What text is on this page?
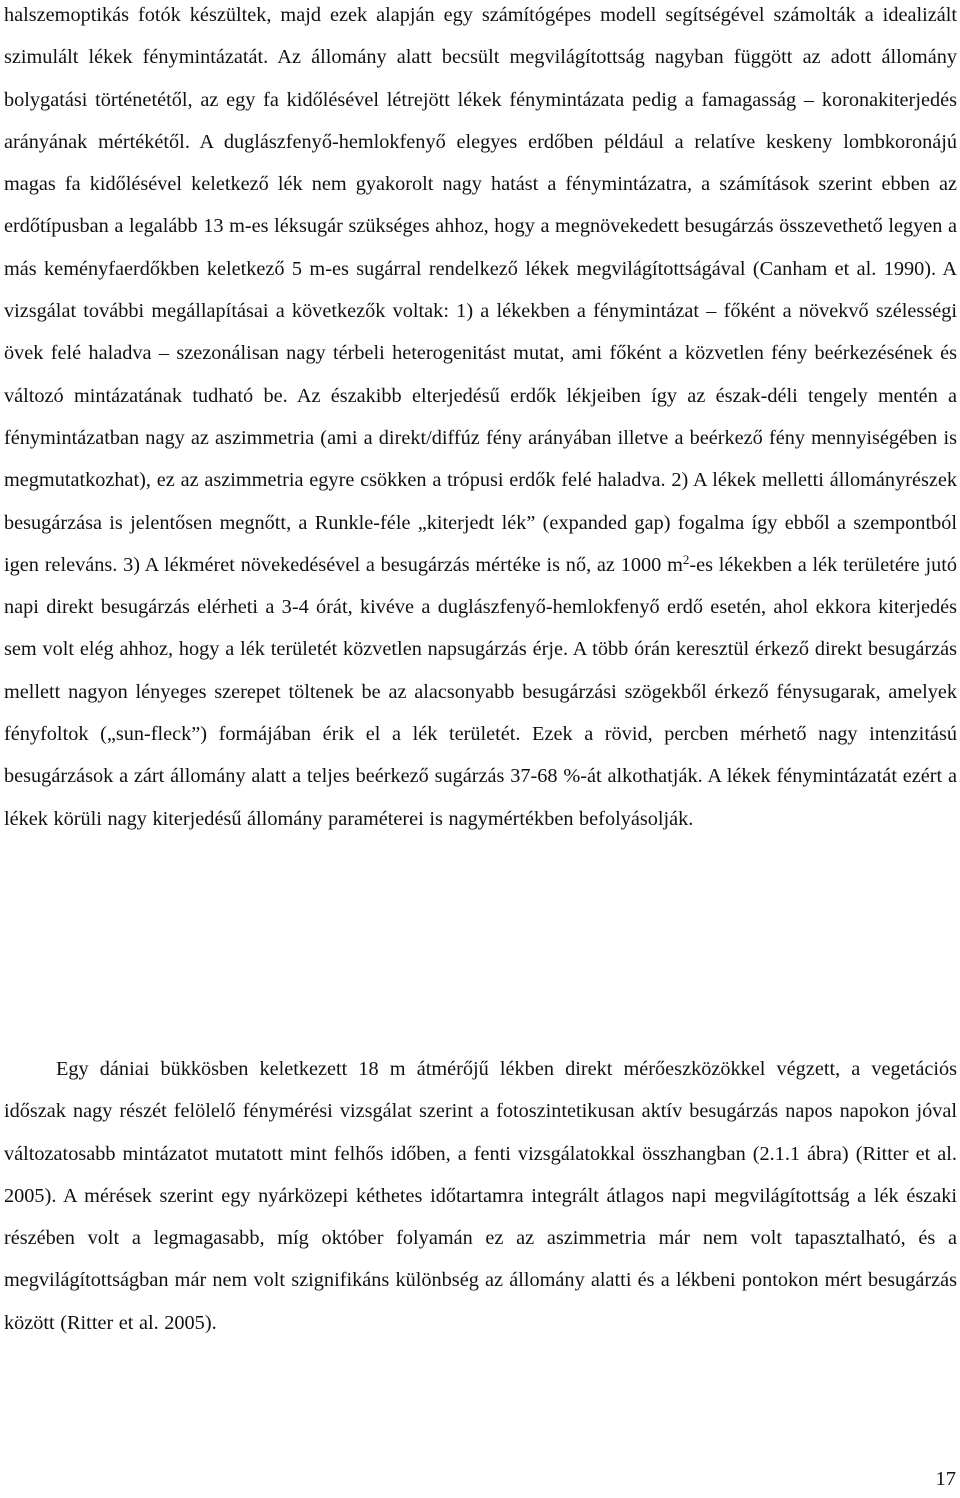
halszemoptikás fotók készültek, majd ezek alapján egy számítógépes modell segítségével számolták a idealizált szimulált lékek fénymintázatát. Az állomány alatt becsült megvilágítottság nagyban függött az adott állomány bolygatási történetétől, az egy fa kidőlésével létrejött lékek fénymintázata pedig a famagasság – koronakiterjedés arányának mértékétől. A duglászfenyő-hemlokfenyő elegyes erdőben például a relatíve keskeny lombkoronájú magas fa kidőlésével keletkező lék nem gyakorolt nagy hatást a fénymintázatra, a számítások szerint ebben az erdőtípusban a legalább 13 m-es léksugár szükséges ahhoz, hogy a megnövekedett besugárzás összevethető legyen a más keményfaerdőkben keletkező 5 m-es sugárral rendelkező lékek megvilágítottságával (Canham et al. 1990). A vizsgálat további megállapításai a következők voltak: 1) a lékekben a fénymintázat – főként a növekvő szélességi övek felé haladva – szezonálisan nagy térbeli heterogenitást mutat, ami főként a közvetlen fény beérkezésének és változó mintázatának tudható be. Az északibb elterjedésű erdők lékjeiben így az észak-déli tengely mentén a fénymintázatban nagy az aszimmetria (ami a direkt/diffúz fény arányában illetve a beérkező fény mennyiségében is megmutatkozhat), ez az aszimmetria egyre csökken a trópusi erdők felé haladva. 2) A lékek melletti állományrészek besugárzása is jelentősen megnőtt, a Runkle-féle „kiterjedt lék” (expanded gap) fogalma így ebből a szempontból igen releváns. 3) A lékméret növekedésével a besugárzás mértéke is nő, az 1000 $m^2-es$ lékekben a lék területére jutó napi direkt besugárzás elérheti a 3-4 órát, kivéve a duglászfenyő-hemlokfenyő erdő esetén, ahol ekkora kiterjedés sem volt elég ahhoz, hogy a lék területét közvetlen napsugárzás érje. A több órán keresztül érkező direkt besugárzás mellett nagyon lényeges szerepet töltenek be az alacsonyabb besugárzási szögekből érkező fénysugarak, amelyek fényfoltok („sun-fleck”) formájában érik el a lék területét. Ezek a rövid, percben mérhető nagy intenzitású besugárzások a zárt állomány alatt a teljes beérkező sugárzás 37-68 %-át alkothatják. A lékek fénymintázatát ezért a lékek körüli nagy kiterjedésű állomány paraméterei is nagymértékben befolyásolják.
Egy dániai bükkösben keletkezett 18 m átmérőjű lékben direkt mérőeszközökkel végzett, a vegetációs időszak nagy részét felölelő fénymérési vizsgálat szerint a fotoszintetikusan aktív besugárzás napos napokon jóval változatosabb mintázatot mutatott mint felhős időben, a fenti vizsgálatokkal összhangban (2.1.1 ábra) (Ritter et al. 2005). A mérések szerint egy nyárközepi kéthetes időtartamra integrált átlagos napi megvilágítottság a lék északi részében volt a legmagasabb, míg október folyamán ez az aszimmetria már nem volt tapasztalható, és a megvilágítottságban már nem volt szignifikáns különbség az állomány alatti és a lékbeni pontokon mért besugárzás között (Ritter et al. 2005).
17
